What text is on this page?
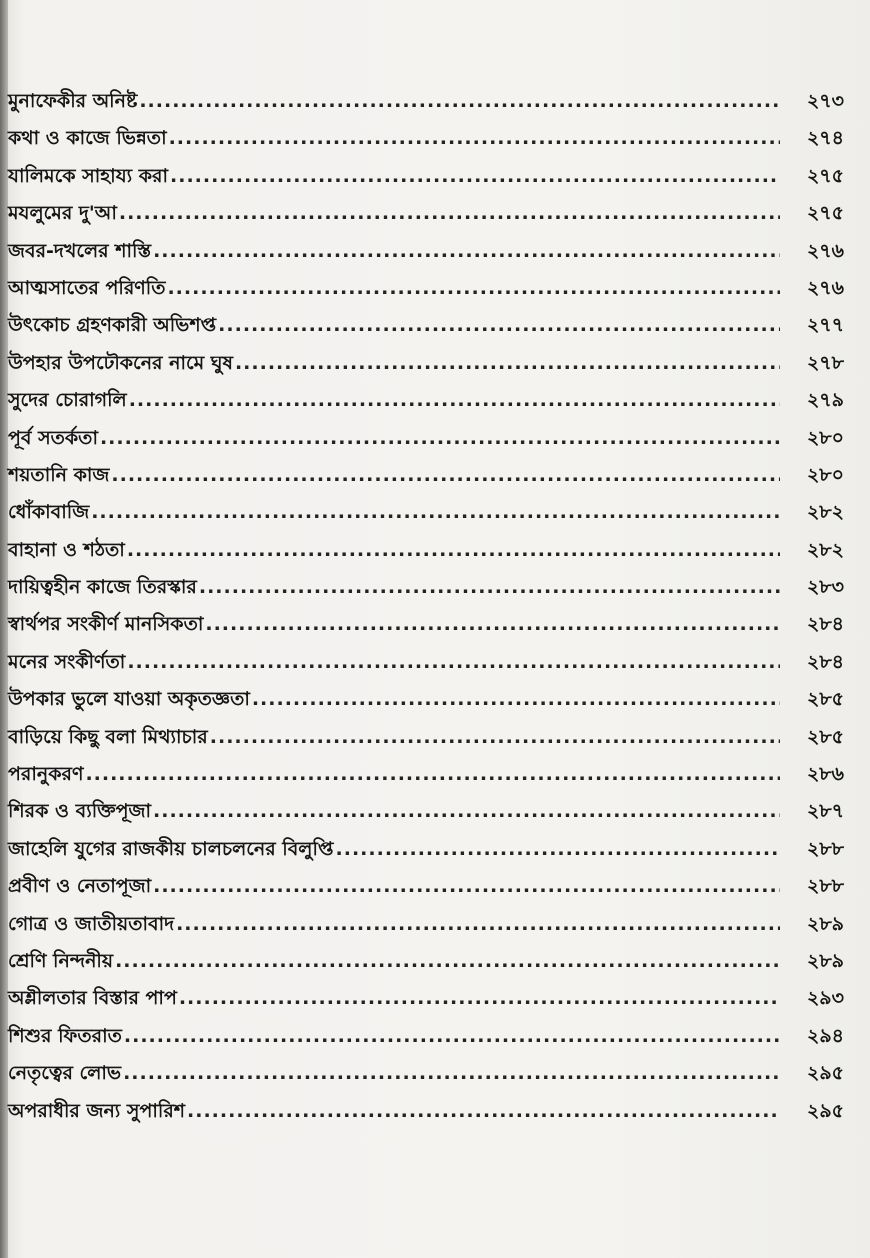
মুনাফেকীর অনিষ্ট .....	২৭৩
কথা ও কাজে ভিন্নতা .....	২৭৪
যালিমকে সাহায্য করা .....	২৭৫
মযলুমের দু'আ .....	২৭৫
জবর-দখলের শাস্তি .....	২৭৬
আত্মসাতের পরিণতি .....	২৭৬
উৎকোচ গ্রহণকারী অভিশপ্ত .....	২৭৭
উপহার উপঢৌকনের নামে ঘুষ .....	২৭৮
সুদের চোরাগলি .....	২৭৯
পূর্ব সতর্কতা .....	২৮০
শয়তানি কাজ .....	২৮০
ধোঁকাবাজি .....	২৮২
বাহানা ও শঠতা .....	২৮২
দায়িত্বহীন কাজে তিরস্কার .....	২৮৩
স্বার্থপর সংকীর্ণ মানসিকতা .....	২৮৪
মনের সংকীর্ণতা .....	২৮৪
উপকার ভুলে যাওয়া অকৃতজ্ঞতা .....	২৮৫
বাড়িয়ে কিছু বলা মিথ্যাচার .....	২৮৫
পরানুকরণ .....	২৮৬
শিরক ও ব্যক্তিপূজা .....	২৮৭
জাহেলি যুগের রাজকীয় চালচলনের বিলুপ্তি .....	২৮৮
প্রবীণ ও নেতাপূজা .....	২৮৮
গোত্র ও জাতীয়তাবাদ .....	২৮৯
শ্রেণি নিন্দনীয় .....	২৮৯
অশ্লীলতার বিস্তার পাপ .....	২৯৩
শিশুর ফিতরাত .....	২৯৪
নেতৃত্বের লোভ .....	২৯৫
অপরাধীর জন্য সুপারিশ .....	২৯৫
